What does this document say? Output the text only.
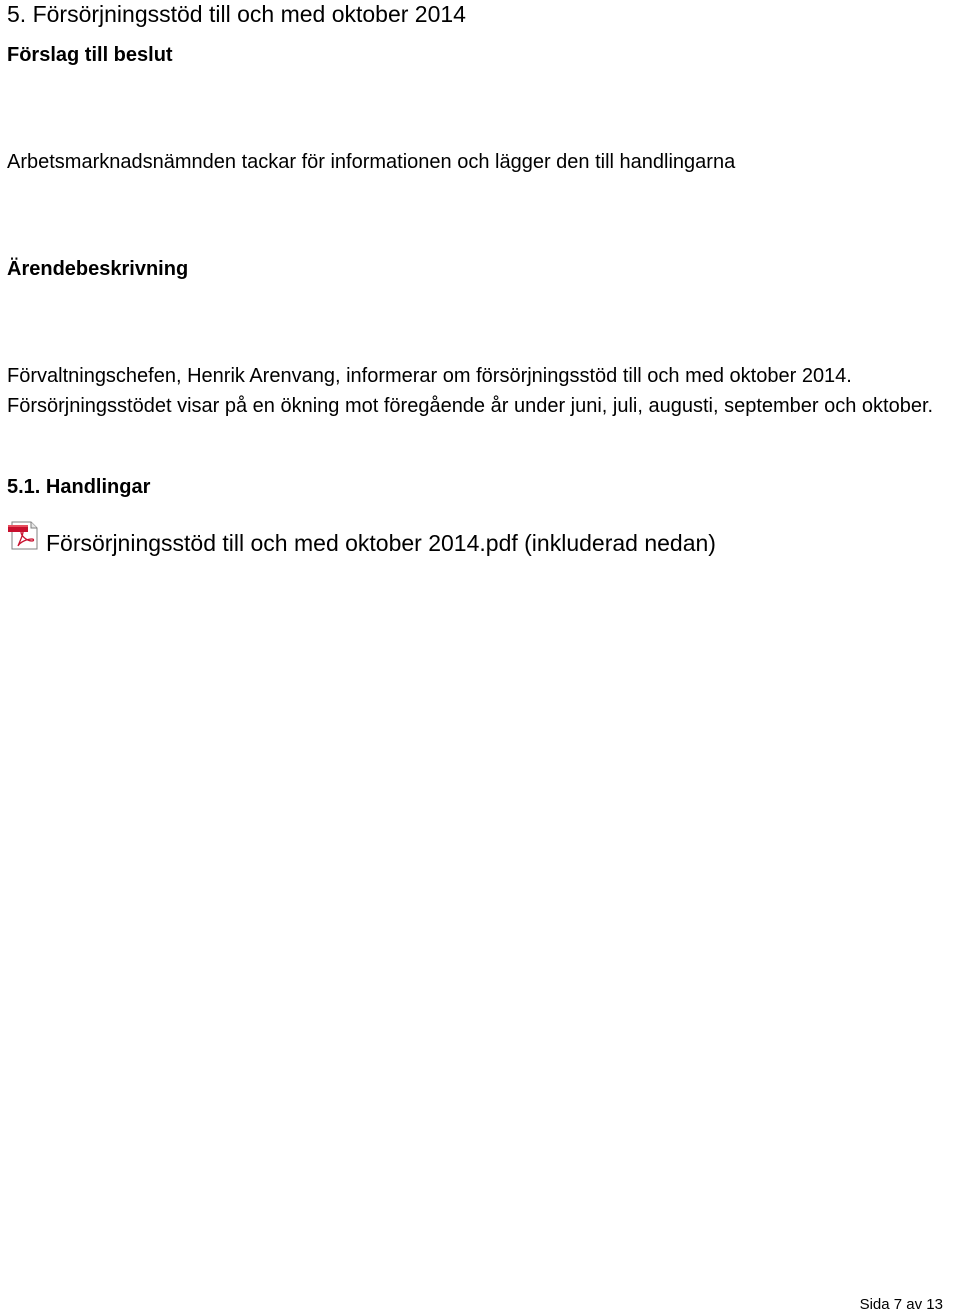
5. Försörjningsstöd till och med oktober 2014
Förslag till beslut

Arbetsmarknadsnämnden tackar för informationen och lägger den till handlingarna

Ärendebeskrivning

Förvaltningschefen, Henrik Arenvang, informerar om försörjningsstöd till och med oktober 2014. Försörjningsstödet visar på en ökning mot föregående år under juni, juli, augusti, september och oktober.

5.1. Handlingar
Försörjningsstöd till och med oktober 2014.pdf (inkluderad nedan)
Sida 7 av 13
